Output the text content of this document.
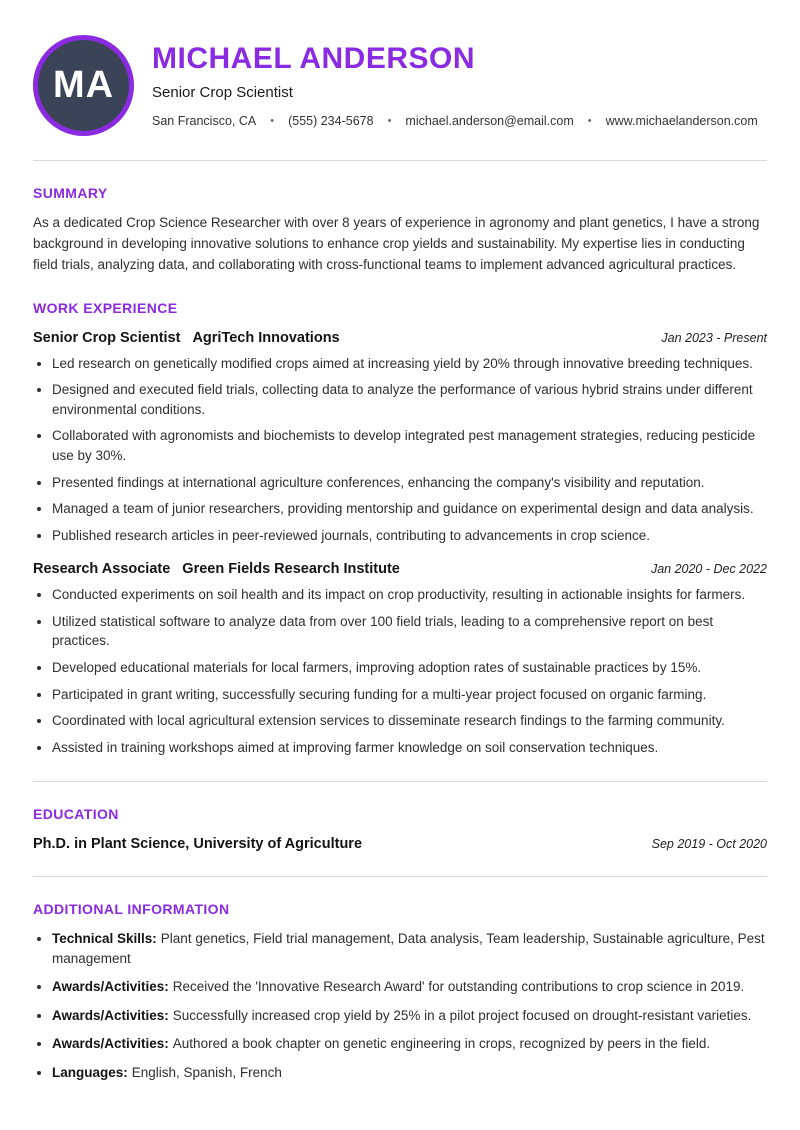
MA
MICHAEL ANDERSON
Senior Crop Scientist
San Francisco, CA • (555) 234-5678 • michael.anderson@email.com • www.michaelanderson.com
SUMMARY

As a dedicated Crop Science Researcher with over 8 years of experience in agronomy and plant genetics, I have a strong background in developing innovative solutions to enhance crop yields and sustainability. My expertise lies in conducting field trials, analyzing data, and collaborating with cross-functional teams to implement advanced agricultural practices.

WORK EXPERIENCE
Senior Crop Scientist AgriTech Innovations	Jan 2023 - Present
• Led research on genetically modified crops aimed at increasing yield by 20% through innovative breeding techniques.
• Designed and executed field trials, collecting data to analyze the performance of various hybrid strains under different environmental conditions.
• Collaborated with agronomists and biochemists to develop integrated pest management strategies, reducing pesticide use by 30%.
• Presented findings at international agriculture conferences, enhancing the company's visibility and reputation.
• Managed a team of junior researchers, providing mentorship and guidance on experimental design and data analysis.
• Published research articles in peer-reviewed journals, contributing to advancements in crop science.
Research Associate Green Fields Research Institute	Jan 2020 - Dec 2022
• Conducted experiments on soil health and its impact on crop productivity, resulting in actionable insights for farmers.
• Utilized statistical software to analyze data from over 100 field trials, leading to a comprehensive report on best practices.
• Developed educational materials for local farmers, improving adoption rates of sustainable practices by 15%.
• Participated in grant writing, successfully securing funding for a multi-year project focused on organic farming.
• Coordinated with local agricultural extension services to disseminate research findings to the farming community.
• Assisted in training workshops aimed at improving farmer knowledge on soil conservation techniques.
EDUCATION
Ph.D. in Plant Science, University of Agriculture	Sep 2019 - Oct 2020
ADDITIONAL INFORMATION
• Technical Skills: Plant genetics, Field trial management, Data analysis, Team leadership, Sustainable agriculture, Pest management
• Awards/Activities: Received the 'Innovative Research Award' for outstanding contributions to crop science in 2019.
• Awards/Activities: Successfully increased crop yield by 25% in a pilot project focused on drought-resistant varieties.
• Awards/Activities: Authored a book chapter on genetic engineering in crops, recognized by peers in the field.
• Languages: English, Spanish, French
